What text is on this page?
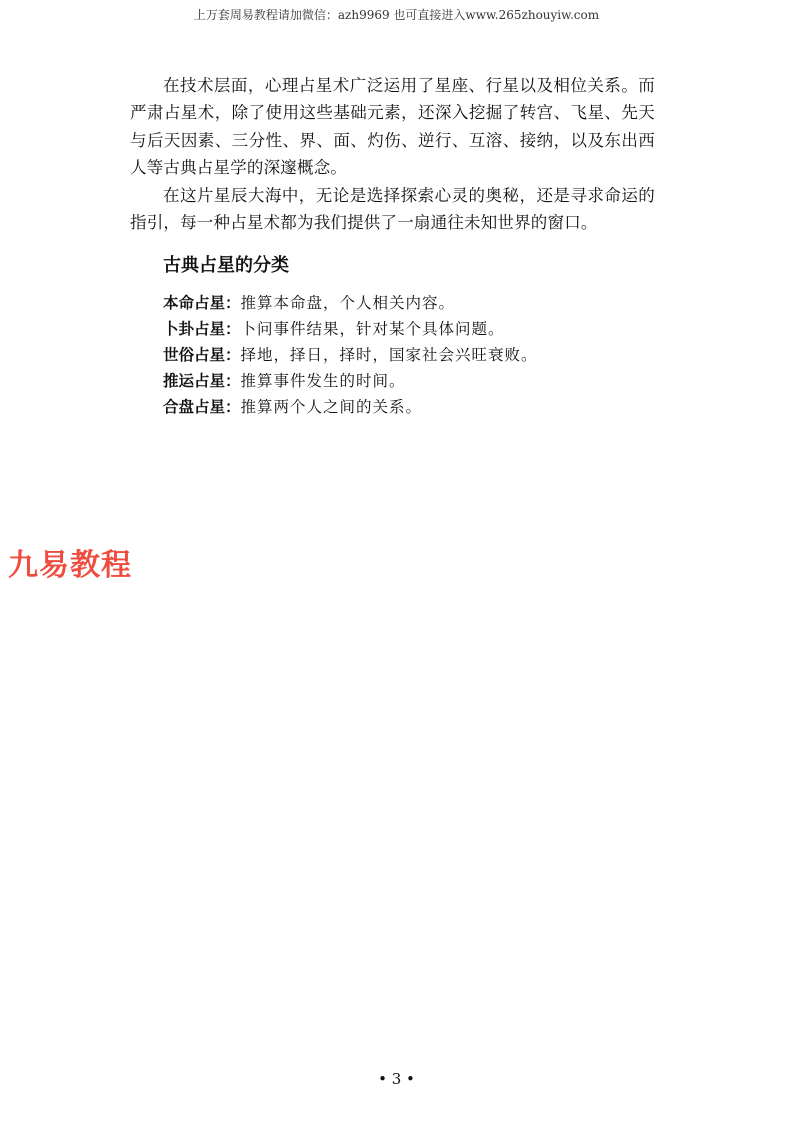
上万套周易教程请加微信：azh9969 也可直接进入www.265zhouyiw.com

在技术层面，心理占星术广泛运用了星座、行星以及相位关系。而严肃占星术，除了使用这些基础元素，还深入挖掘了转宫、飞星、先天与后天因素、三分性、界、面、灼伤、逆行、互溶、接纳，以及东出西人等古典占星学的深邃概念。

在这片星辰大海中，无论是选择探索心灵的奥秘，还是寻求命运的指引，每一种占星术都为我们提供了一扇通往未知世界的窗口。

古典占星的分类
本命占星：推算本命盘，个人相关内容。
卜卦占星：卜问事件结果，针对某个具体问题。
世俗占星：择地，择日，择时，国家社会兴旺衰败。
推运占星：推算事件发生的时间。
合盘占星：推算两个人之间的关系。
九易教程
• 3 •
